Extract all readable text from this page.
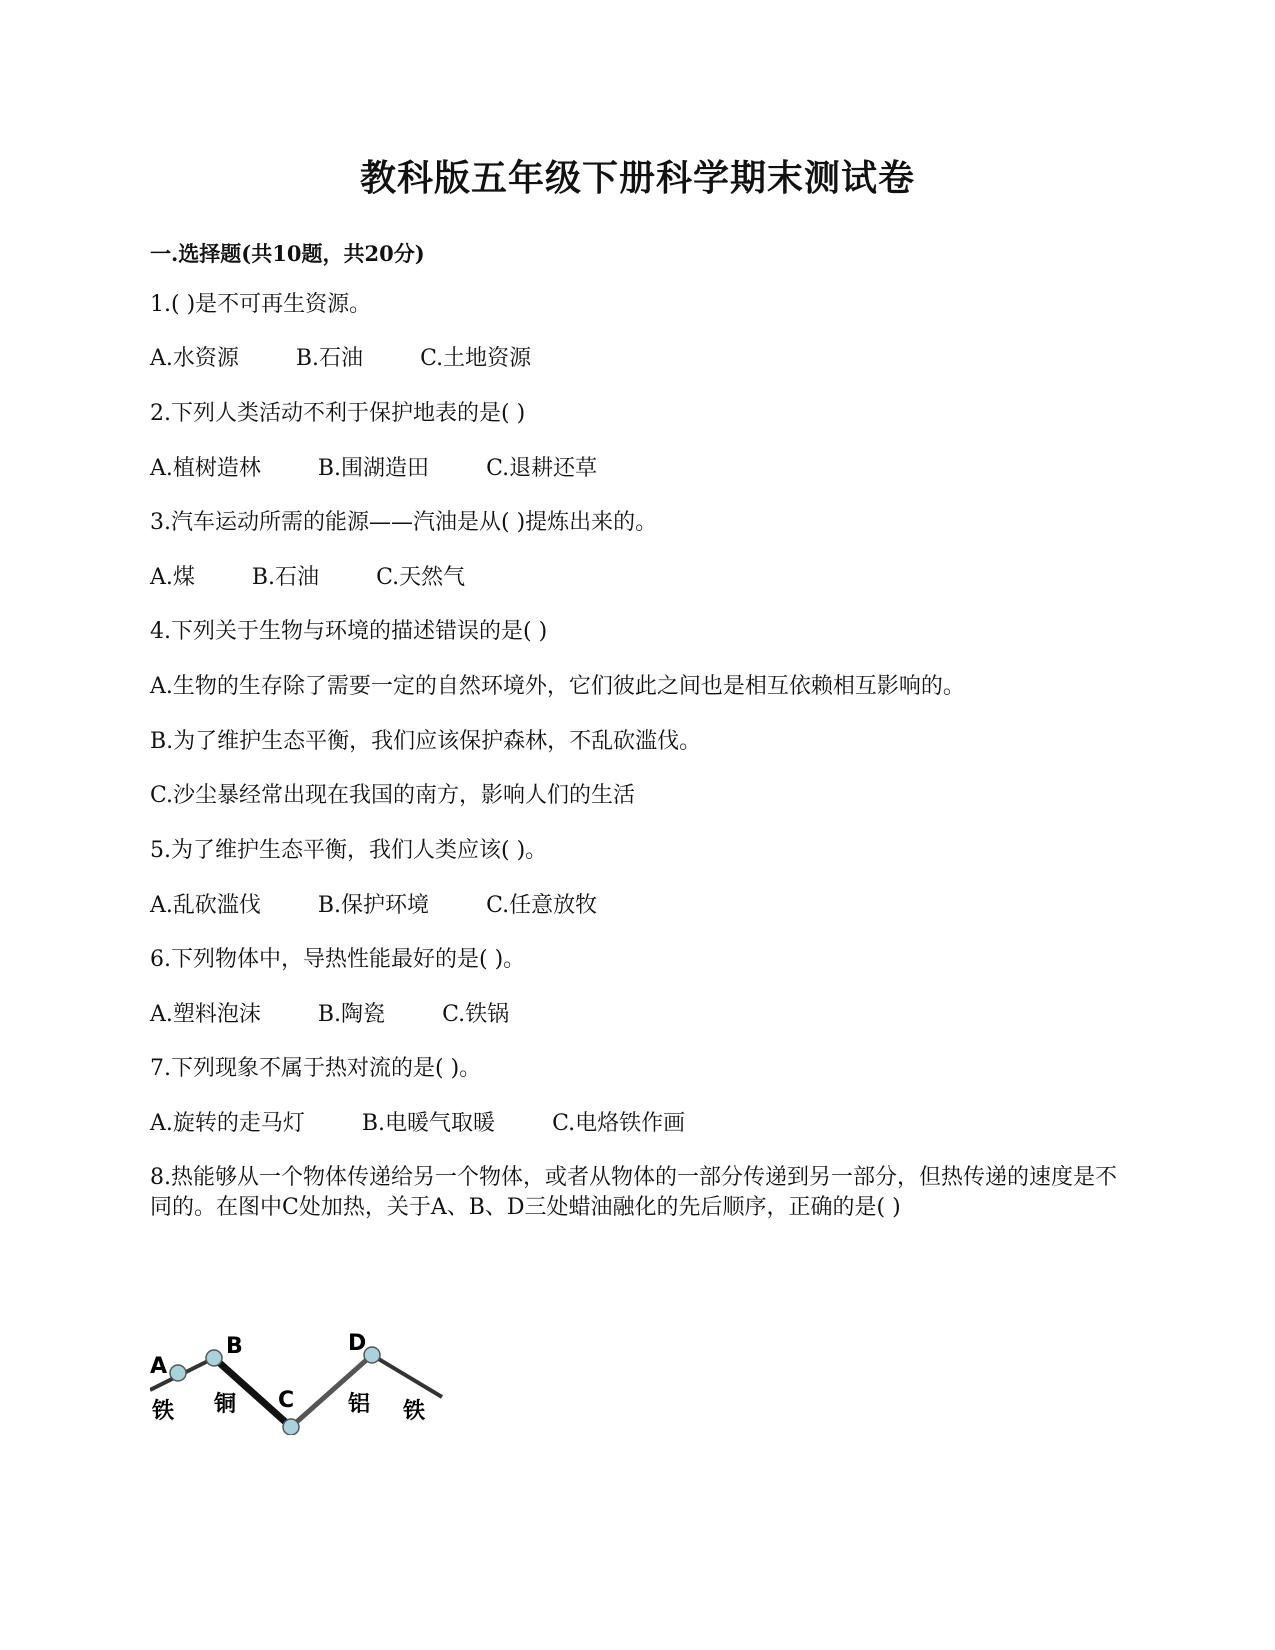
教科版五年级下册科学期末测试卷
一.选择题(共10题，共20分)
1.( )是不可再生资源。
A.水资源	B.石油	C.土地资源
2.下列人类活动不利于保护地表的是( )
A.植树造林	B.围湖造田	C.退耕还草
3.汽车运动所需的能源——汽油是从( )提炼出来的。
A.煤	B.石油	C.天然气
4.下列关于生物与环境的描述错误的是( )
A.生物的生存除了需要一定的自然环境外，它们彼此之间也是相互依赖相互影响的。
B.为了维护生态平衡，我们应该保护森林，不乱砍滥伐。
C.沙尘暴经常出现在我国的南方，影响人们的生活
5.为了维护生态平衡，我们人类应该( )。
A.乱砍滥伐	B.保护环境	C.任意放牧
6.下列物体中，导热性能最好的是( )。
A.塑料泡沫	B.陶瓷	C.铁锅
7.下列现象不属于热对流的是( )。
A.旋转的走马灯	B.电暖气取暖	C.电烙铁作画
8.热能够从一个物体传递给另一个物体，或者从物体的一部分传递到另一部分，但热传递的速度是不同的。在图中C处加热，关于A、B、D三处蜡油融化的先后顺序，正确的是( )
A
B
C
D
铁 铜	铝 铁
